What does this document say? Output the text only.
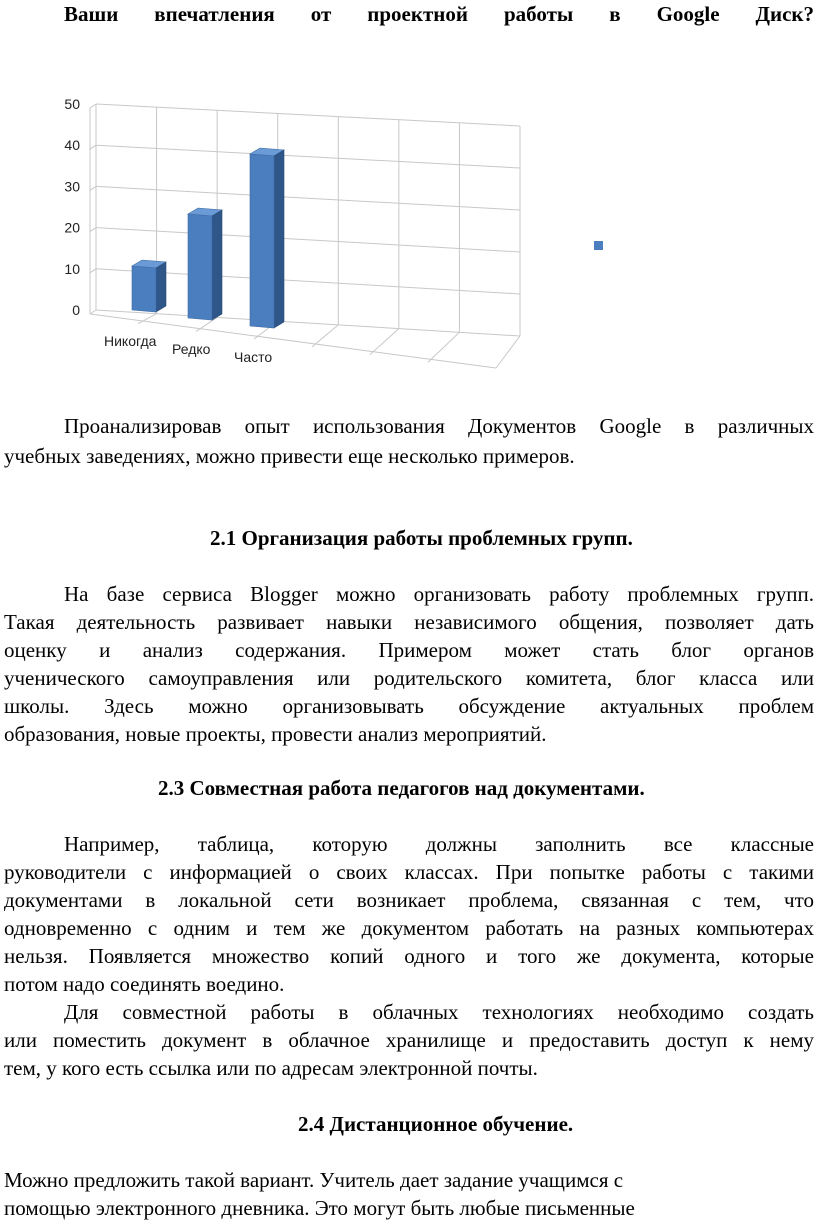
Ваши впечатления от проектной работы в Google Диск?
0
10
20
30
40
50
Никогда Редко Часто
Проанализировав опыт использования Документов Google в различных
учебных заведениях, можно привести еще несколько примеров.
2.1 Организация работы проблемных групп.
На базе сервиса Blogger можно организовать работу проблемных групп.
Такая деятельность развивает навыки независимого общения, позволяет дать
оценку и анализ содержания. Примером может стать блог органов
ученического самоуправления или родительского комитета, блог класса или
школы. Здесь можно организовывать обсуждение актуальных проблем
образования, новые проекты, провести анализ мероприятий.
2.3 Совместная работа педагогов над документами.
Например, таблица, которую должны заполнить все классные
руководители с информацией о своих классах. При попытке работы с такими
документами в локальной сети возникает проблема, связанная с тем, что
одновременно с одним и тем же документом работать на разных компьютерах
нельзя. Появляется множество копий одного и того же документа, которые
потом надо соединять воедино.
Для совместной работы в облачных технологиях необходимо создать
или поместить документ в облачное хранилище и предоставить доступ к нему
тем, у кого есть ссылка или по адресам электронной почты.
2.4 Дистанционное обучение.
Можно предложить такой вариант. Учитель дает задание учащимся с
помощью электронного дневника. Это могут быть любые письменные
